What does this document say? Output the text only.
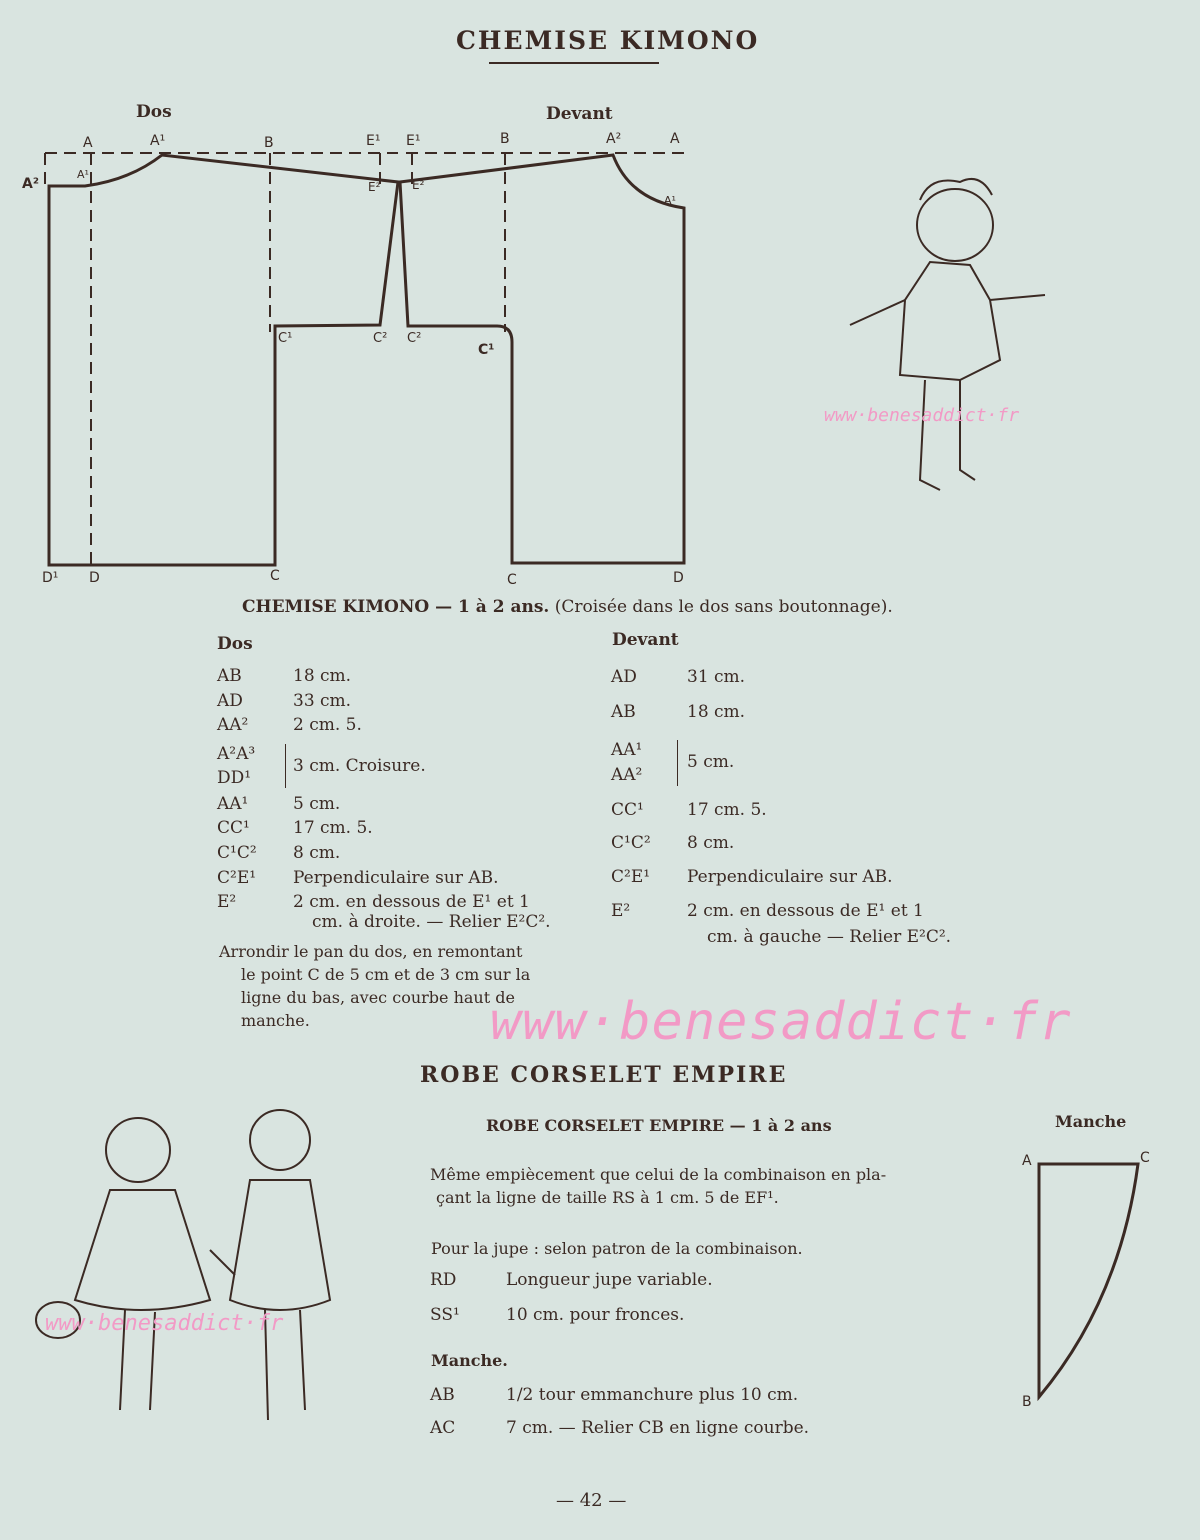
CHEMISE KIMONO
Dos	Devant
A²
A	A¹	B	E¹ E¹	B	A²	A
A¹
E²	E²
A¹
C¹	C² C²
C¹
D¹ D	C	C	D
www·benesaddict·fr
CHEMISE KIMONO — 1 à 2 ans. (Croisée dans le dos sans boutonnage).
Dos
AB	18 cm.
AD	33 cm.
AA²	2 cm. 5.
A²A³
3 cm. Croisure.
DD¹
AA¹	5 cm.
CC¹	17 cm. 5.
C¹C² 8 cm.
C²E¹ Perpendiculaire sur AB.
E²	2 cm. en dessous de E¹ et 1
cm. à droite. — Relier E²C².
Arrondir le pan du dos, en remontant
le point C de 5 cm et de 3 cm sur la
ligne du bas, avec courbe haut de
manche.
Devant
AD	31 cm.
AB	18 cm.
AA¹
5 cm.
AA²
CC¹	17 cm. 5.
C¹C² 8 cm.
C²E¹ Perpendiculaire sur AB.
E²	2 cm. en dessous de E¹ et 1
cm. à gauche — Relier E²C².
www·benesaddict·fr
ROBE CORSELET EMPIRE
ROBE CORSELET EMPIRE — 1 à 2 ans
Même empiècement que celui de la combinaison en pla-
çant la ligne de taille RS à 1 cm. 5 de EF¹.
Pour la jupe : selon patron de la combinaison.
RD	Longueur jupe variable.
SS¹	10 cm. pour fronces.
Manche.
AB	1/2 tour emmanchure plus 10 cm.
AC	7 cm. — Relier CB en ligne courbe.
Manche
A	C
B
www·benesaddict·fr
— 42 —
